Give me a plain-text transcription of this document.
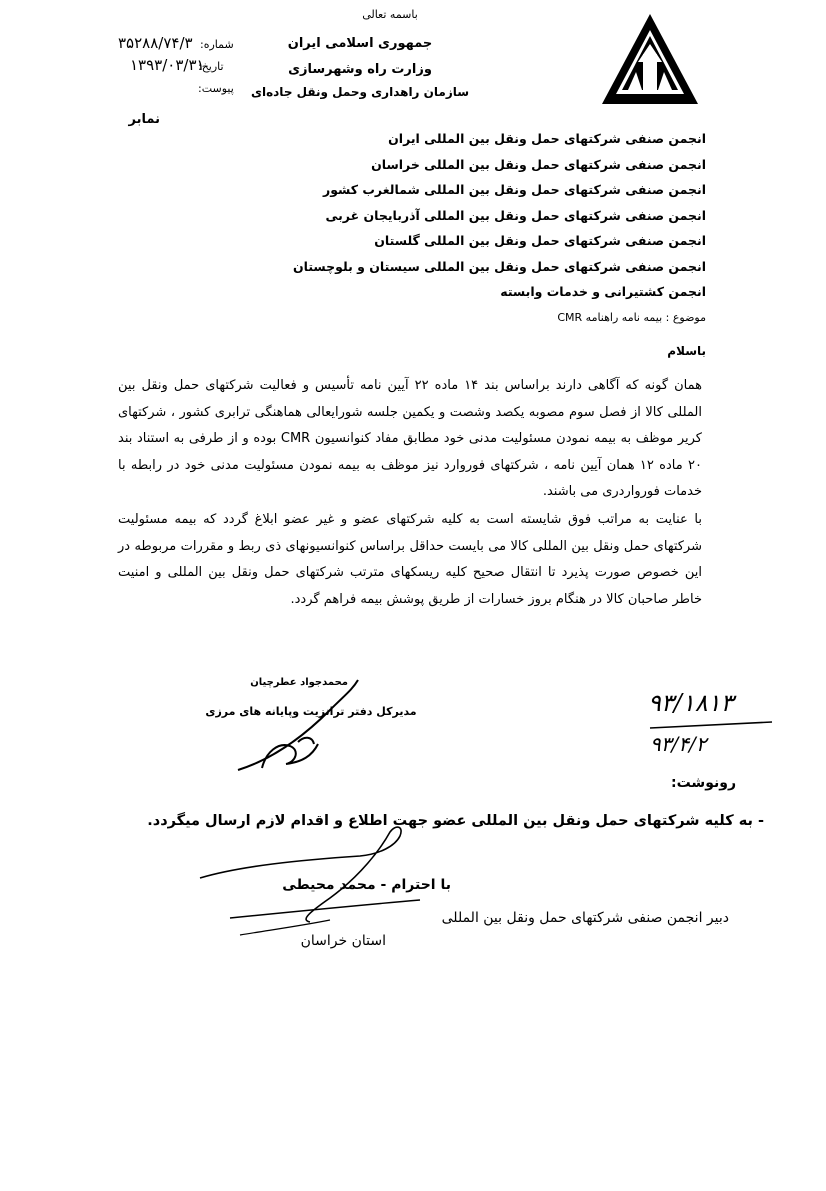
باسمه تعالی
جمهوری اسلامی ایران
وزارت راه وشهرسازی
سازمان راهداری وحمل ونقل جاده‌ای
شماره:
۳۵۲۸۸/۷۴/۳
تاریخ:
۱۳۹۳/۰۳/۳۱
پیوست:
نمابر
انجمن صنفی شرکتهای حمل ونقل بین المللی ایران
انجمن صنفی شرکتهای حمل ونقل بین المللی خراسان
انجمن صنفی شرکتهای حمل ونقل بین المللی شمالغرب کشور
انجمن صنفی شرکتهای حمل ونقل بین المللی آذربایجان غربی
انجمن صنفی شرکتهای حمل ونقل بین المللی گلستان
انجمن صنفی شرکتهای حمل ونقل بین المللی سیستان و بلوچستان
انجمن کشتیرانی و خدمات وابسته
موضوع : بیمه نامه راهنامه CMR
باسلام
همان گونه که آگاهی دارند براساس بند ۱۴ ماده ۲۲ آیین نامه تأسیس و فعالیت شرکتهای حمل ونقل بین المللی کالا از فصل سوم مصوبه یکصد وشصت و یکمین جلسه شورایعالی هماهنگی ترابری کشور ، شرکتهای کریر موظف به بیمه نمودن مسئولیت مدنی خود مطابق مفاد کنوانسیون CMR بوده و از طرفی به استناد بند ۲۰ ماده ۱۲ همان آیین نامه ، شرکتهای فوروارد نیز موظف به بیمه نمودن مسئولیت مدنی خود در رابطه با خدمات فورواردری می باشند.
با عنایت به مراتب فوق شایسته است به کلیه شرکتهای عضو و غیر عضو ابلاغ گردد که بیمه مسئولیت شرکتهای حمل ونقل بین المللی کالا می بایست حداقل براساس کنوانسیونهای ذی ربط و مقررات مربوطه در این خصوص صورت پذیرد تا انتقال صحیح کلیه ریسکهای مترتب شرکتهای حمل ونقل بین المللی و امنیت خاطر صاحبان کالا در هنگام بروز خسارات از طریق پوشش بیمه فراهم گردد.
محمدجواد عطرچیان
مدیرکل دفتر ترانزیت وپایانه های مرزی	۹۳/۱۸۱۳
۹۳/۴/۲
رونوشت:
- به کلیه شرکتهای حمل ونقل بین المللی عضو جهت اطلاع و اقدام لازم ارسال میگردد.
با احترام - محمد محیطی
دبیر انجمن صنفی شرکتهای حمل ونقل بین المللی
استان خراسان
